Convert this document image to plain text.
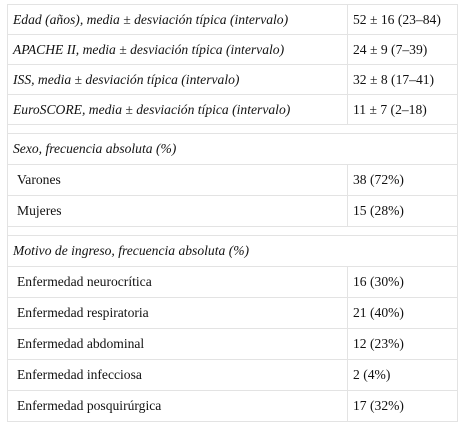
Edad (años), media ± desviación típica (intervalo)	52 ± 16 (23–84)
APACHE II, media ± desviación típica (intervalo)	24 ± 9 (7–39)
ISS, media ± desviación típica (intervalo)	32 ± 8 (17–41)
EuroSCORE, media ± desviación típica (intervalo)	11 ± 7 (2–18)

Sexo, frecuencia absoluta (%)	
Varones	38 (72%)
Mujeres	15 (28%)

Motivo de ingreso, frecuencia absoluta (%)	
Enfermedad neurocrítica	16 (30%)
Enfermedad respiratoria	21 (40%)
Enfermedad abdominal	12 (23%)
Enfermedad infecciosa	2 (4%)
Enfermedad posquirúrgica	17 (32%)
